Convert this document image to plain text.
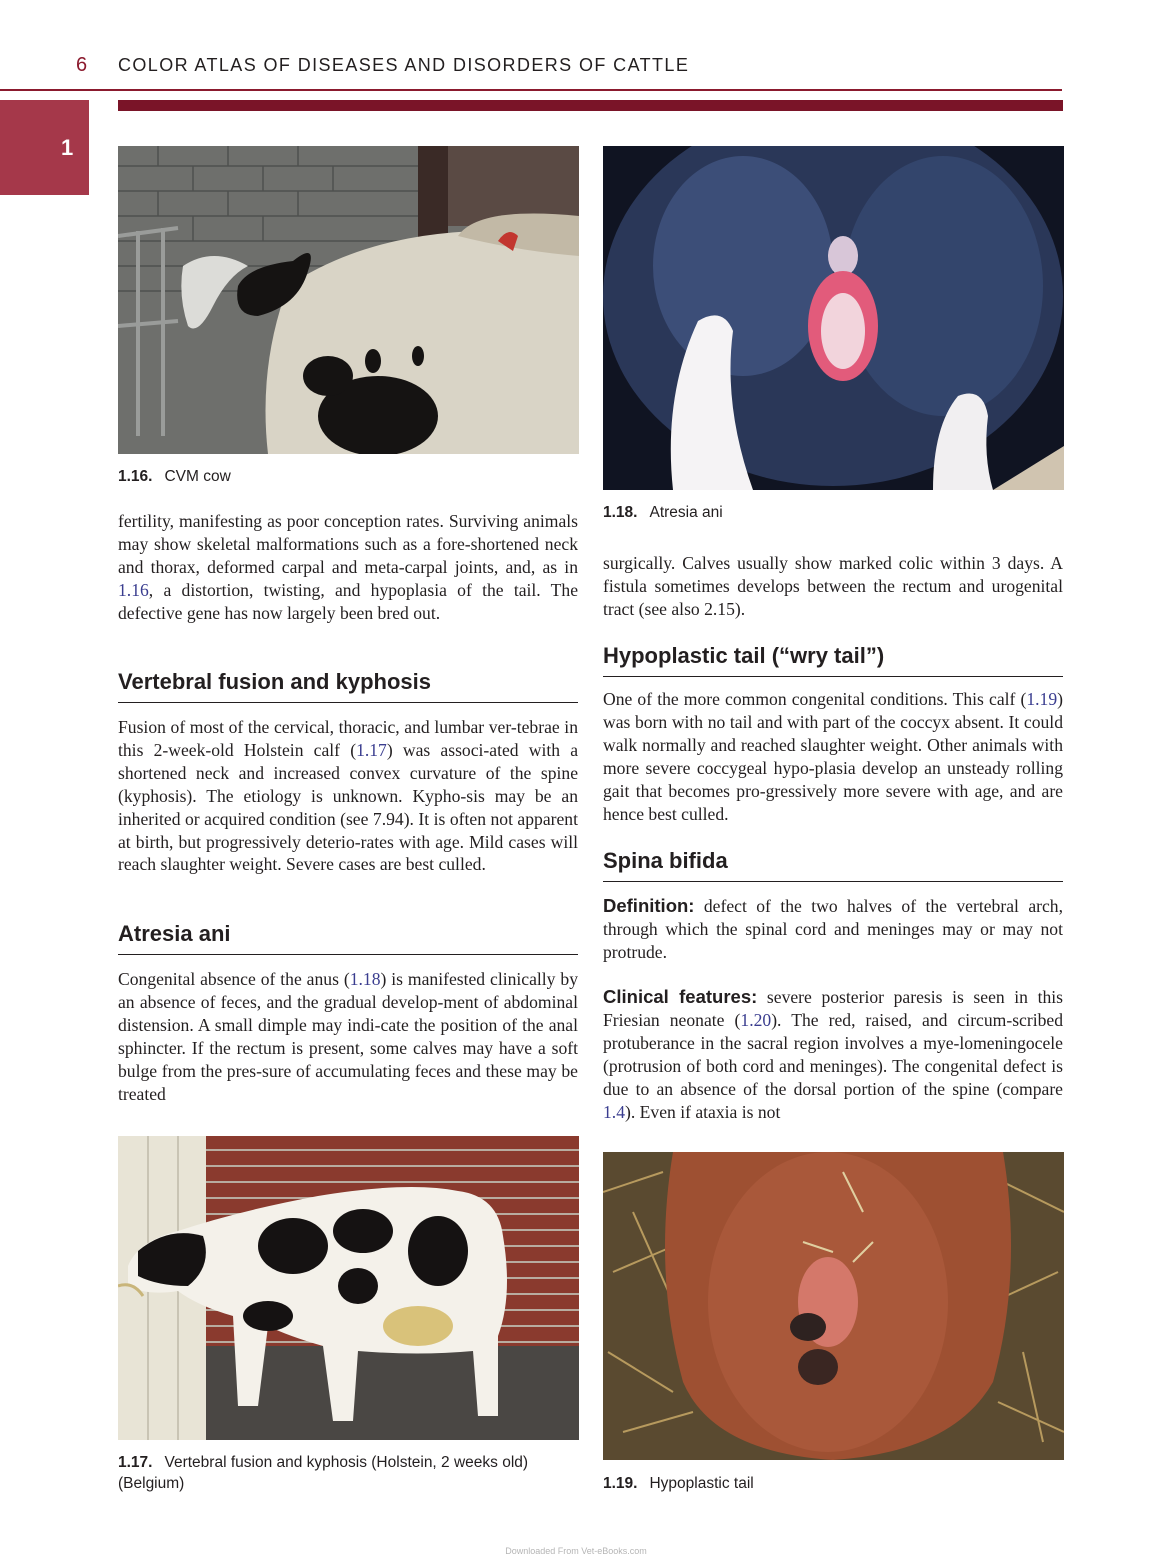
6 COLOR ATLAS OF DISEASES AND DISORDERS OF CATTLE
1
1.16. CVM cow
1.18. Atresia ani
fertility, manifesting as poor conception rates. Surviving animals may show skeletal malformations such as a fore-shortened neck and thorax, deformed carpal and meta-carpal joints, and, as in 1.16, a distortion, twisting, and hypoplasia of the tail. The defective gene has now largely been bred out.
Vertebral fusion and kyphosis
Fusion of most of the cervical, thoracic, and lumbar ver-tebrae in this 2-week-old Holstein calf (1.17) was associ-ated with a shortened neck and increased convex curvature of the spine (kyphosis). The etiology is unknown. Kypho-sis may be an inherited or acquired condition (see 7.94). It is often not apparent at birth, but progressively deterio-rates with age. Mild cases will reach slaughter weight. Severe cases are best culled.
Atresia ani
Congenital absence of the anus (1.18) is manifested clinically by an absence of feces, and the gradual develop-ment of abdominal distension. A small dimple may indi-cate the position of the anal sphincter. If the rectum is present, some calves may have a soft bulge from the pres-sure of accumulating feces and these may be treated
surgically. Calves usually show marked colic within 3 days. A fistula sometimes develops between the rectum and urogenital tract (see also 2.15).
Hypoplastic tail (“wry tail”)
One of the more common congenital conditions. This calf (1.19) was born with no tail and with part of the coccyx absent. It could walk normally and reached slaughter weight. Other animals with more severe coccygeal hypo-plasia develop an unsteady rolling gait that becomes pro-gressively more severe with age, and are hence best culled.
Spina bifida
Definition: defect of the two halves of the vertebral arch, through which the spinal cord and meninges may or may not protrude.
Clinical features: severe posterior paresis is seen in this Friesian neonate (1.20). The red, raised, and circum-scribed protuberance in the sacral region involves a mye-lomeningocele (protrusion of both cord and meninges). The congenital defect is due to an absence of the dorsal portion of the spine (compare 1.4). Even if ataxia is not
1.17. Vertebral fusion and kyphosis (Holstein, 2 weeks old) (Belgium)	1.19. Hypoplastic tail
Downloaded From Vet-eBooks.com
